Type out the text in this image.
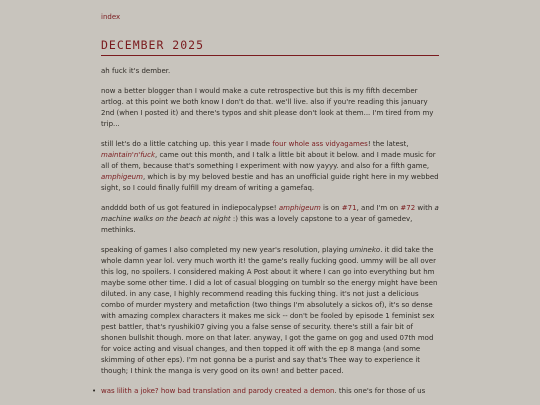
index
DECEMBER 2025

ah fuck it's dember.

now a better blogger than I would make a cute retrospective but this is my fifth december artlog. at this point we both know I don't do that. we'll live. also if you're reading this january 2nd (when I posted it) and there's typos and shit please don't look at them... I'm tired from my trip...

still let's do a little catching up. this year I made four whole ass vidyagames! the latest, maintain'n'fuck, came out this month, and I talk a little bit about it below. and I made music for all of them, because that's something I experiment with now yayyy. and also for a fifth game, amphigeum, which is by my beloved bestie and has an unofficial guide right here in my webbed sight, so I could finally fulfill my dream of writing a gamefaq.

andddd both of us got featured in indiepocalypse! amphigeum is on #71, and I'm on #72 with a machine walks on the beach at night :) this was a lovely capstone to a year of gamedev, methinks.

speaking of games I also completed my new year's resolution, playing umineko. it did take the whole damn year lol. very much worth it! the game's really fucking good. ummy will be all over this log, no spoilers. I considered making A Post about it where I can go into everything but hm maybe some other time. I did a lot of casual blogging on tumblr so the energy might have been diluted. in any case, I highly recommend reading this fucking thing. it's not just a delicious combo of murder mystery and metafiction (two things I'm absolutely a sickos of), it's so dense with amazing complex characters it makes me sick -- don't be fooled by episode 1 feminist sex pest battler, that's ryushiki07 giving you a false sense of security. there's still a fair bit of shonen bullshit though. more on that later. anyway, I got the game on gog and used 07th mod for voice acting and visual changes, and then topped it off with the ep 8 manga (and some skimming of other eps). I'm not gonna be a purist and say that's Thee way to experience it though; I think the manga is very good on its own! and better paced.

• was lilith a joke? how bad translation and parody created a demon. this one's for those of us
